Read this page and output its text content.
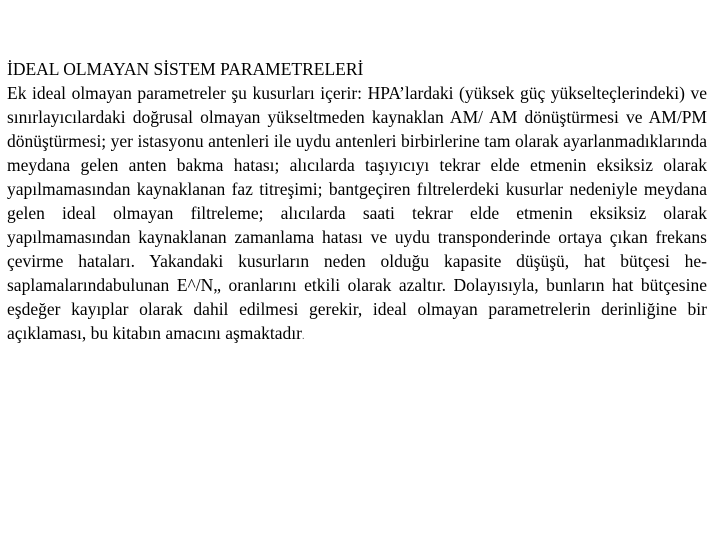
İDEAL OLMAYAN SİSTEM PARAMETRELERİ

Ek ideal olmayan parametreler şu kusurları içerir: HPA’lardaki (yüksek güç yükselteçlerindeki) ve sınırlayıcılardaki doğrusal olmayan yükseltmeden kaynaklan AM/ AM dönüştürmesi ve AM/PM dönüştürmesi; yer istasyonu antenleri ile uydu antenleri birbirlerine tam olarak ayarlanmadıklarında meydana gelen anten bakma hatası; alıcılarda taşıyıcıyı tekrar elde etmenin eksiksiz olarak yapılmamasından kaynaklanan faz titreşimi; bantgeçiren fıltrelerdeki kusurlar nedeniyle meydana gelen ideal olmayan filtreleme; alıcılarda saati tekrar elde etmenin eksiksiz olarak yapılmamasından kaynaklanan zamanlama hatası ve uydu transponderinde ortaya çıkan frekans çevirme hataları. Yakandaki kusurların neden olduğu kapasite düşüşü, hat bütçesi he-saplamalarındabulunan E^/N„ oranlarını etkili olarak azaltır. Dolayısıyla, bunların hat bütçesine eşdeğer kayıplar olarak dahil edilmesi gerekir, ideal olmayan parametrelerin derinliğine bir açıklaması, bu kitabın amacını aşmaktadır.
